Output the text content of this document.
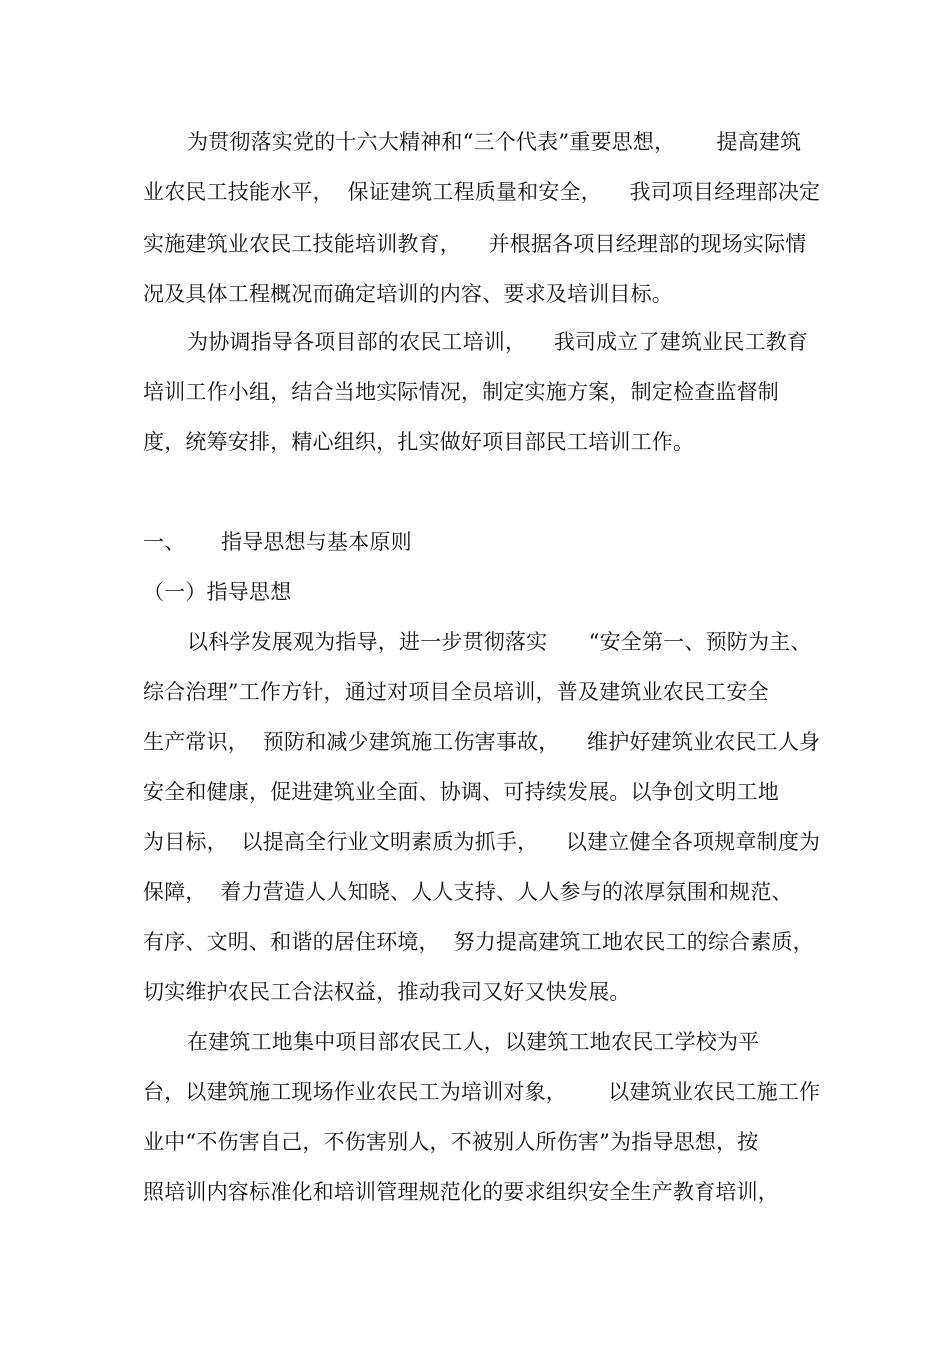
为贯彻落实党的十六大精神和“三个代表”重要思想，      提高建筑
业农民工技能水平，  保证建筑工程质量和安全，    我司项目经理部决定
实施建筑业农民工技能培训教育，    并根据各项目经理部的现场实际情
况及具体工程概况而确定培训的内容、要求及培训目标。
为协调指导各项目部的农民工培训，    我司成立了建筑业民工教育
培训工作小组，结合当地实际情况，制定实施方案，制定检查监督制
度，统筹安排，精心组织，扎实做好项目部民工培训工作。
一、 指导思想与基本原则
（一）指导思想
以科学发展观为指导，进一步贯彻落实      “安全第一、预防为主、
综合治理”工作方针，通过对项目全员培训，普及建筑业农民工安全
生产常识，  预防和减少建筑施工伤害事故，    维护好建筑业农民工人身
安全和健康，促进建筑业全面、协调、可持续发展。以争创文明工地
为目标，  以提高全行业文明素质为抓手，    以建立健全各项规章制度为
保障，  着力营造人人知晓、人人支持、人人参与的浓厚氛围和规范、
有序、文明、和谐的居住环境，  努力提高建筑工地农民工的综合素质，
切实维护农民工合法权益，推动我司又好又快发展。
在建筑工地集中项目部农民工人，以建筑工地农民工学校为平
台，以建筑施工现场作业农民工为培训对象，      以建筑业农民工施工作
业中“不伤害自己，不伤害别人，不被别人所伤害”为指导思想，按
照培训内容标准化和培训管理规范化的要求组织安全生产教育培训，
